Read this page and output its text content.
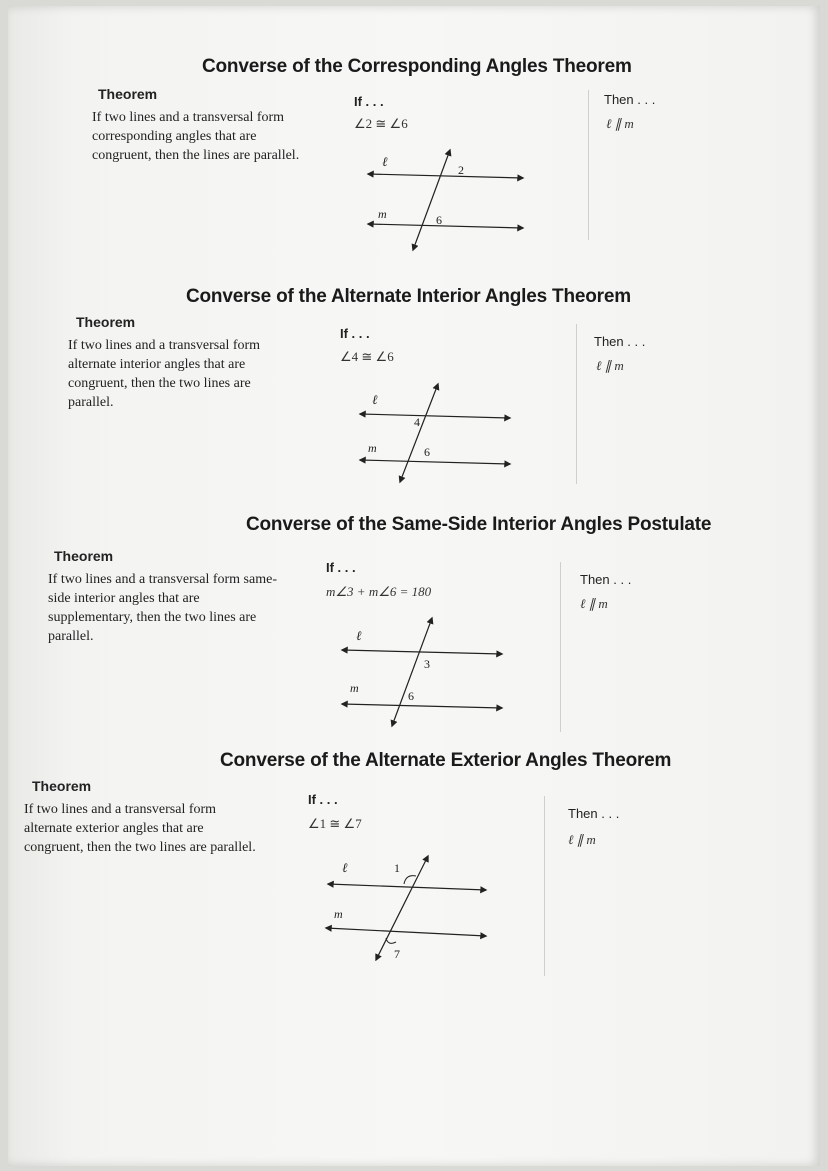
Converse of the Corresponding Angles Theorem
Theorem
If two lines and a transversal form corresponding angles that are congruent, then the lines are parallel.
If . . .
∠2 ≅ ∠6
Then . . .
ℓ ∥ m
ℓ
m
2
6
Converse of the Alternate Interior Angles Theorem
Theorem
If two lines and a transversal form alternate interior angles that are congruent, then the two lines are parallel.
If . . .
∠4 ≅ ∠6
Then . . .
ℓ ∥ m
ℓ
m
4
6
Converse of the Same-Side Interior Angles Postulate
Theorem
If two lines and a transversal form same-side interior angles that are supplementary, then the two lines are parallel.
If . . .
m∠3 + m∠6 = 180
Then . . .
ℓ ∥ m
ℓ
m
3
6
Converse of the Alternate Exterior Angles Theorem
Theorem
If two lines and a transversal form alternate exterior angles that are congruent, then the two lines are parallel.
If . . .
∠1 ≅ ∠7
Then . . .
ℓ ∥ m
ℓ
m
1
7
